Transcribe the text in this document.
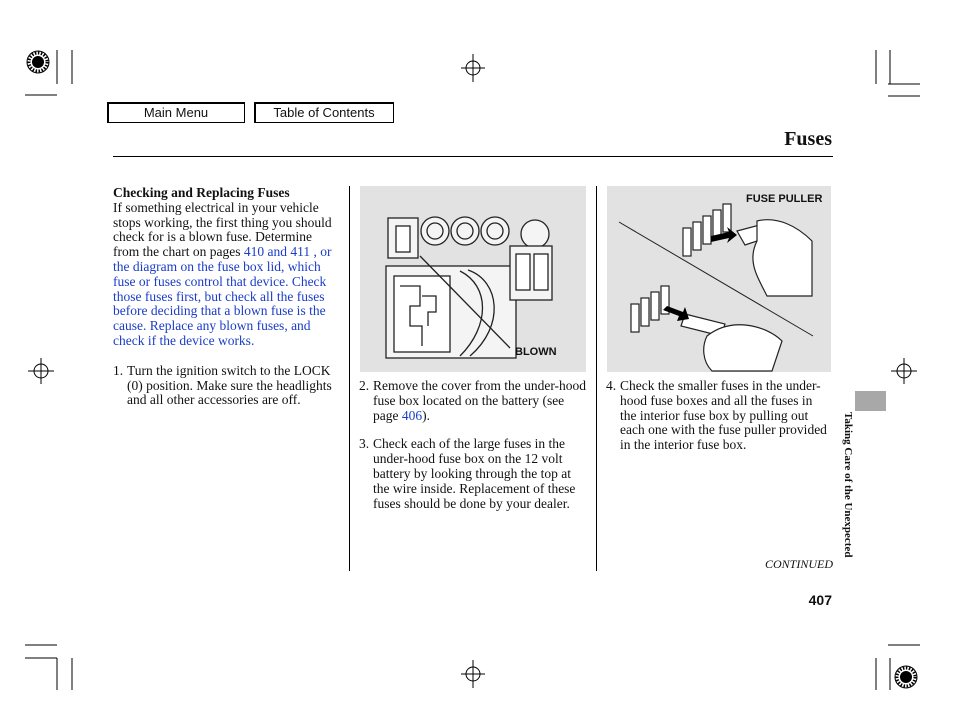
Main Menu	Table of Contents
Fuses
Checking and Replacing Fuses
If something electrical in your vehicle stops working, the first thing you should check for is a blown fuse. Determine from the chart on pages 410 and 411 , or the diagram on the fuse box lid, which fuse or fuses control that device. Check those fuses first, but check all the fuses before deciding that a blown fuse is the cause. Replace any blown fuses, and check if the device works.
1. Turn the ignition switch to the LOCK (0) position. Make sure the headlights and all other accessories are off.
BLOWN
2. Remove the cover from the under-hood fuse box located on the battery (see page 406).
3. Check each of the large fuses in the under-hood fuse box on the 12 volt battery by looking through the top at the wire inside. Replacement of these fuses should be done by your dealer.
FUSE PULLER
4. Check the smaller fuses in the under-hood fuse boxes and all the fuses in the interior fuse box by pulling out each one with the fuse puller provided in the interior fuse box.	Taking Care of the Unexpected
CONTINUED
407
